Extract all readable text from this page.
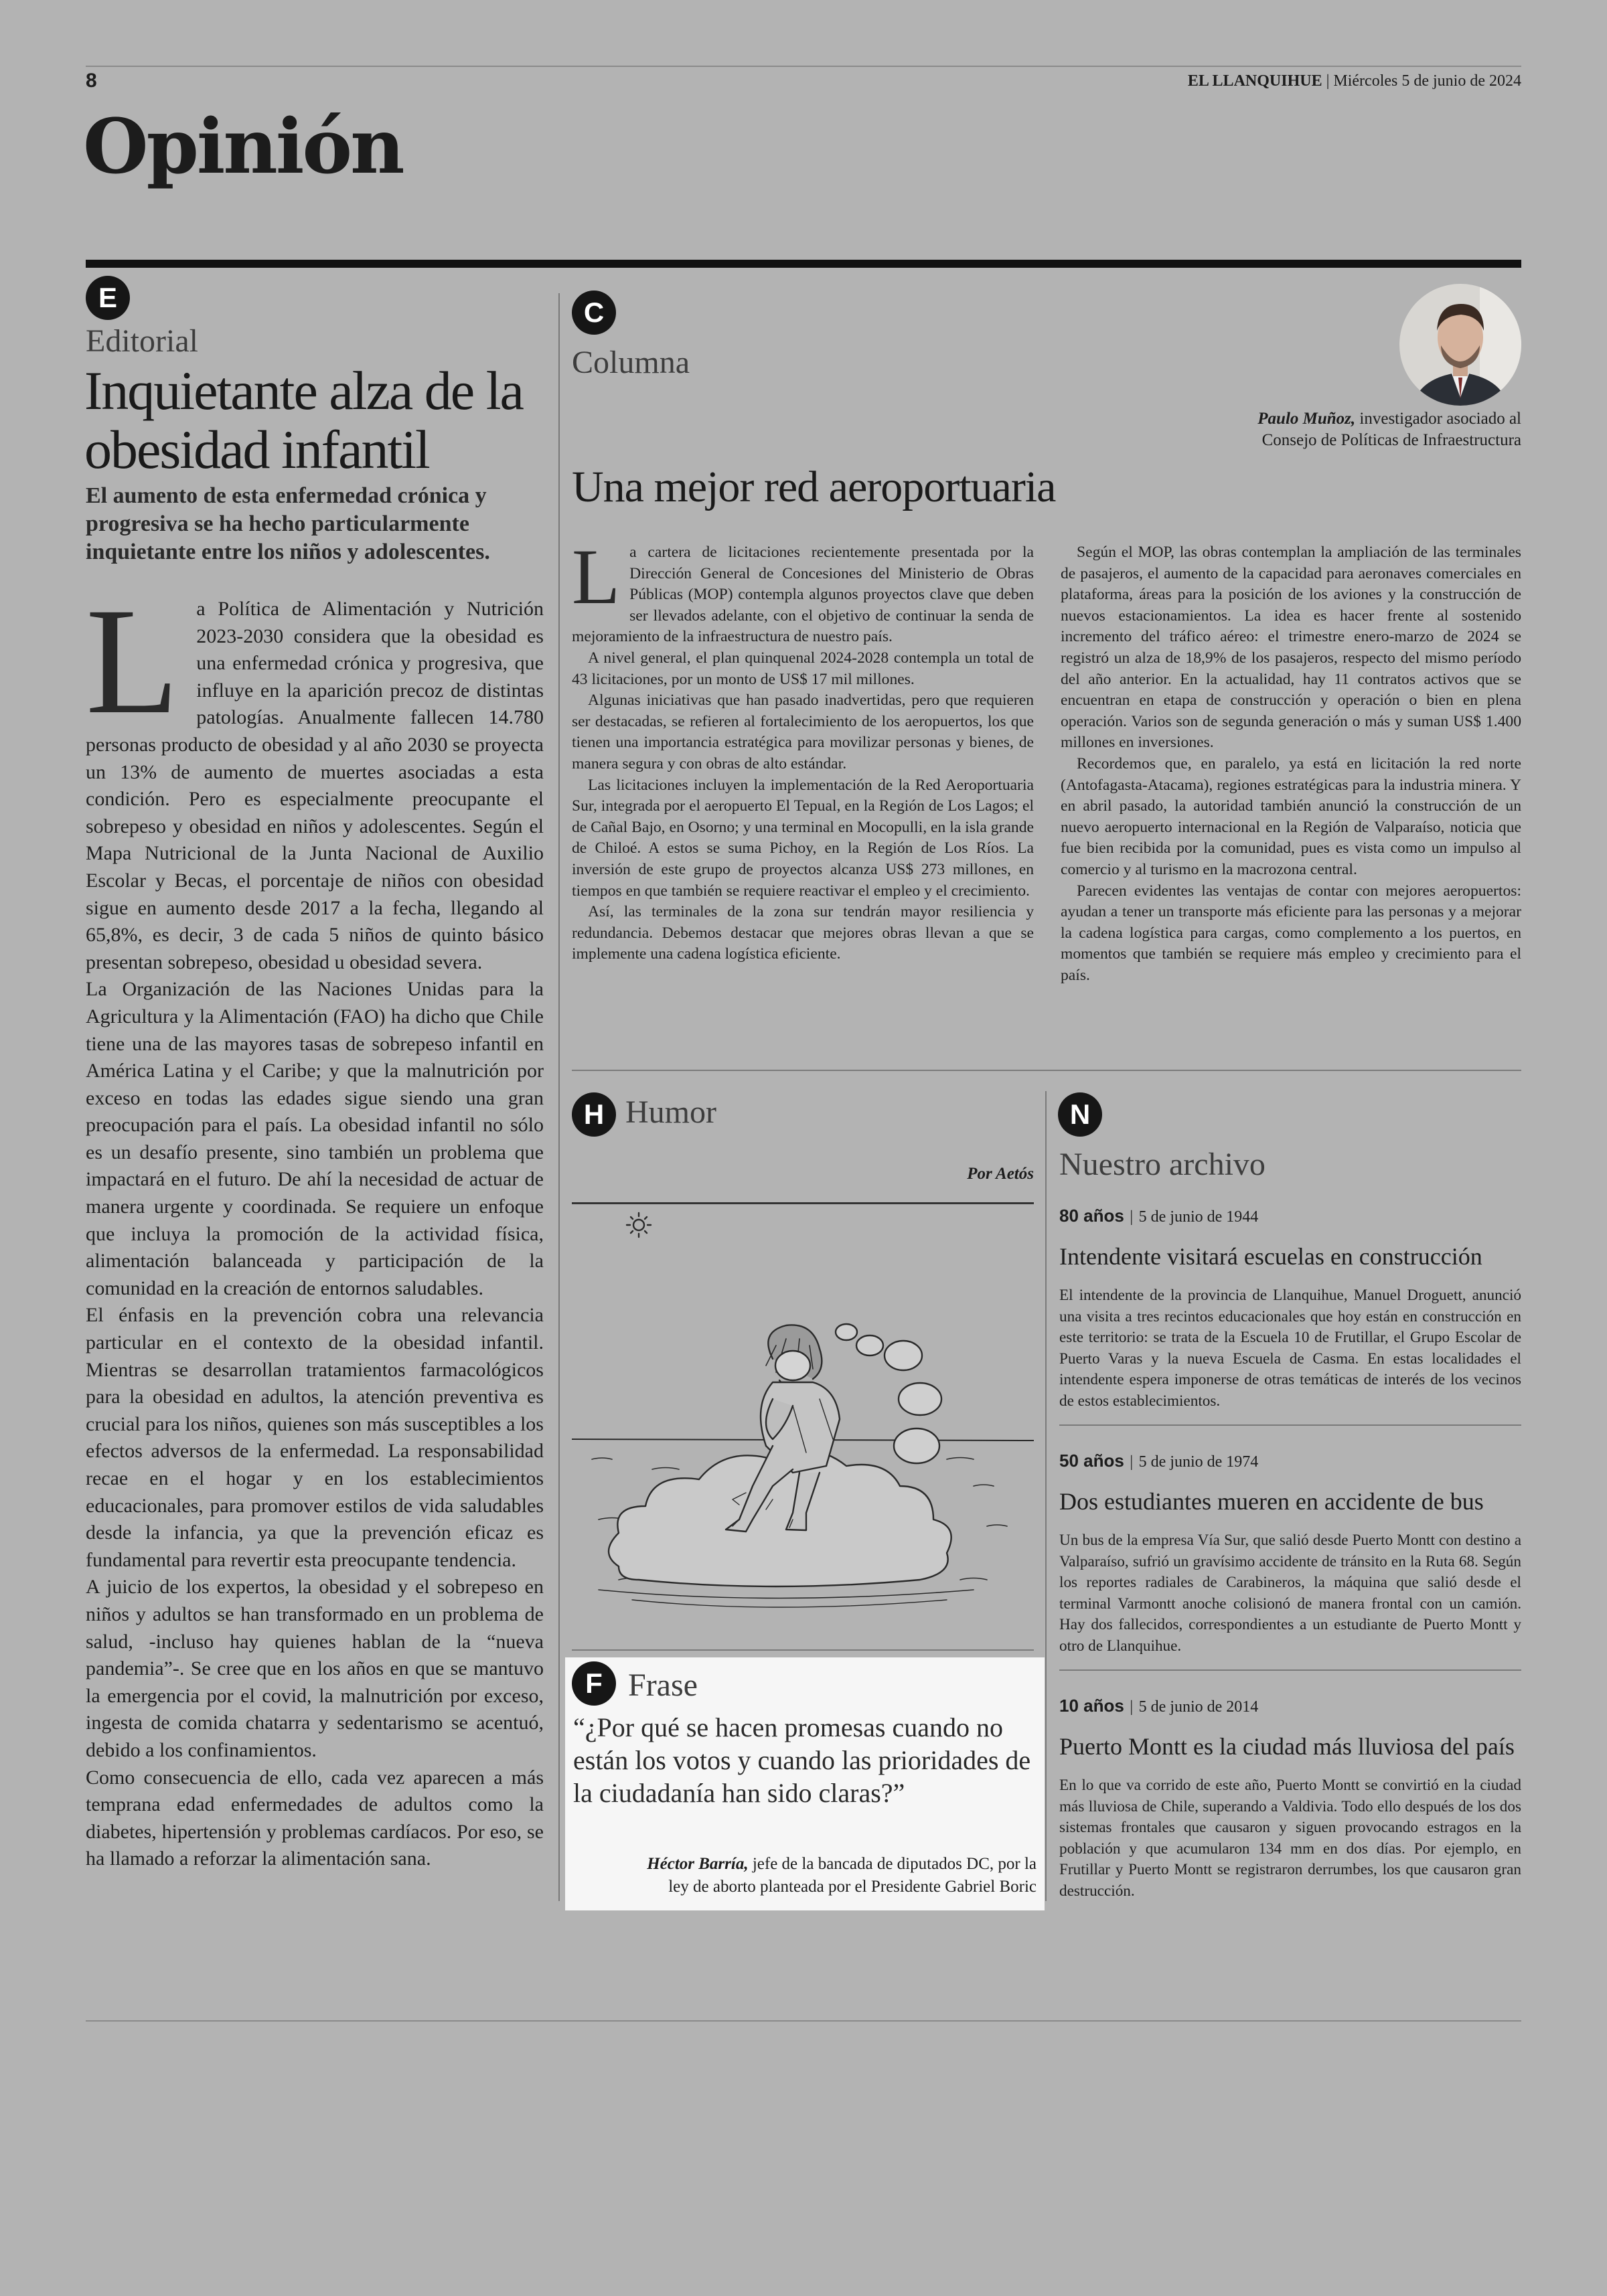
8	EL LLANQUIHUE | Miércoles 5 de junio de 2024
Opinión
E
Editorial
Inquietante alza de la obesidad infantil
El aumento de esta enfermedad crónica y progresiva se ha hecho particularmente inquietante entre los niños y adolescentes.
L a Política de Alimentación y Nutrición 2023-2030 considera que la obesidad es una enfermedad crónica y progresiva, que influye en la aparición precoz de distintas patologías. Anualmente fallecen 14.780 personas producto de obesidad y al año 2030 se proyecta un 13% de aumento de muertes asociadas a esta condición. Pero es especialmente preocupante el sobrepeso y obesidad en niños y adolescentes. Según el Mapa Nutricional de la Junta Nacional de Auxilio Escolar y Becas, el porcentaje de niños con obesidad sigue en aumento desde 2017 a la fecha, llegando al 65,8%, es decir, 3 de cada 5 niños de quinto básico presentan sobrepeso, obesidad u obesidad severa.

La Organización de las Naciones Unidas para la Agricultura y la Alimentación (FAO) ha dicho que Chile tiene una de las mayores tasas de sobrepeso infantil en América Latina y el Caribe; y que la malnutrición por exceso en todas las edades sigue siendo una gran preocupación para el país. La obesidad infantil no sólo es un desafío presente, sino también un problema que impactará en el futuro. De ahí la necesidad de actuar de manera urgente y coordinada. Se requiere un enfoque que incluya la promoción de la actividad física, alimentación balanceada y participación de la comunidad en la creación de entornos saludables.

El énfasis en la prevención cobra una relevancia particular en el contexto de la obesidad infantil. Mientras se desarrollan tratamientos farmacológicos para la obesidad en adultos, la atención preventiva es crucial para los niños, quienes son más susceptibles a los efectos adversos de la enfermedad. La responsabilidad recae en el hogar y en los establecimientos educacionales, para promover estilos de vida saludables desde la infancia, ya que la prevención eficaz es fundamental para revertir esta preocupante tendencia.

A juicio de los expertos, la obesidad y el sobrepeso en niños y adultos se han transformado en un problema de salud, -incluso hay quienes hablan de la “nueva pandemia”-. Se cree que en los años en que se mantuvo la emergencia por el covid, la malnutrición por exceso, ingesta de comida chatarra y sedentarismo se acentuó, debido a los confinamientos.

Como consecuencia de ello, cada vez aparecen a más temprana edad enfermedades de adultos como la diabetes, hipertensión y problemas cardíacos. Por eso, se ha llamado a reforzar la alimentación sana.

C
Columna
Paulo Muñoz, investigador asociado al
Consejo de Políticas de Infraestructura
Una mejor red aeroportuaria
L a cartera de licitaciones recientemente presentada por la Dirección General de Concesiones del Ministerio de Obras Públicas (MOP) contempla algunos proyectos clave que deben ser llevados adelante, con el objetivo de continuar la senda de mejoramiento de la infraestructura de nuestro país.

A nivel general, el plan quinquenal 2024-2028 contempla un total de 43 licitaciones, por un monto de US$ 17 mil millones.

Algunas iniciativas que han pasado inadvertidas, pero que requieren ser destacadas, se refieren al fortalecimiento de los aeropuertos, los que tienen una importancia estratégica para movilizar personas y bienes, de manera segura y con obras de alto estándar.

Las licitaciones incluyen la implementación de la Red Aeroportuaria Sur, integrada por el aeropuerto El Tepual, en la Región de Los Lagos; el de Cañal Bajo, en Osorno; y una terminal en Mocopulli, en la isla grande de Chiloé. A estos se suma Pichoy, en la Región de Los Ríos. La inversión de este grupo de proyectos alcanza US$ 273 millones, en tiempos en que también se requiere reactivar el empleo y el crecimiento.

Así, las terminales de la zona sur tendrán mayor resiliencia y redundancia. Debemos destacar que mejores obras llevan a que se implemente una cadena logística eficiente.

Según el MOP, las obras contemplan la ampliación de las terminales de pasajeros, el aumento de la capacidad para aeronaves comerciales en plataforma, áreas para la posición de los aviones y la construcción de nuevos estacionamientos. La idea es hacer frente al sostenido incremento del tráfico aéreo: el trimestre enero-marzo de 2024 se registró un alza de 18,9% de los pasajeros, respecto del mismo período del año anterior. En la actualidad, hay 11 contratos activos que se encuentran en etapa de construcción y operación o bien en plena operación. Varios son de segunda generación o más y suman US$ 1.400 millones en inversiones.

Recordemos que, en paralelo, ya está en licitación la red norte (Antofagasta-Atacama), regiones estratégicas para la industria minera. Y en abril pasado, la autoridad también anunció la construcción de un nuevo aeropuerto internacional en la Región de Valparaíso, noticia que fue bien recibida por la comunidad, pues es vista como un impulso al comercio y al turismo en la macrozona central.

Parecen evidentes las ventajas de contar con mejores aeropuertos: ayudan a tener un transporte más eficiente para las personas y a mejorar la cadena logística para cargas, como complemento a los puertos, en momentos que también se requiere más empleo y crecimiento para el país.

H Humor
Por Aetós
F Frase
“¿Por qué se hacen promesas cuando no están los votos y cuando las prioridades de la ciudadanía han sido claras?”
Héctor Barría, jefe de la bancada de diputados DC, por la
ley de aborto planteada por el Presidente Gabriel Boric
N
Nuestro archivo
80 años | 5 de junio de 1944
Intendente visitará escuelas en construcción
El intendente de la provincia de Llanquihue, Manuel Droguett, anunció una visita a tres recintos educacionales que hoy están en construcción en este territorio: se trata de la Escuela 10 de Frutillar, el Grupo Escolar de Puerto Varas y la nueva Escuela de Casma. En estas localidades el intendente espera imponerse de otras temáticas de interés de los vecinos de estos establecimientos.
50 años | 5 de junio de 1974
Dos estudiantes mueren en accidente de bus
Un bus de la empresa Vía Sur, que salió desde Puerto Montt con destino a Valparaíso, sufrió un gravísimo accidente de tránsito en la Ruta 68. Según los reportes radiales de Carabineros, la máquina que salió desde el terminal Varmontt anoche colisionó de manera frontal con un camión. Hay dos fallecidos, correspondientes a un estudiante de Puerto Montt y otro de Llanquihue.
10 años | 5 de junio de 2014
Puerto Montt es la ciudad más lluviosa del país
En lo que va corrido de este año, Puerto Montt se convirtió en la ciudad más lluviosa de Chile, superando a Valdivia. Todo ello después de los dos sistemas frontales que causaron y siguen provocando estragos en la población y que acumularon 134 mm en dos días. Por ejemplo, en Frutillar y Puerto Montt se registraron derrumbes, los que causaron gran destrucción.
